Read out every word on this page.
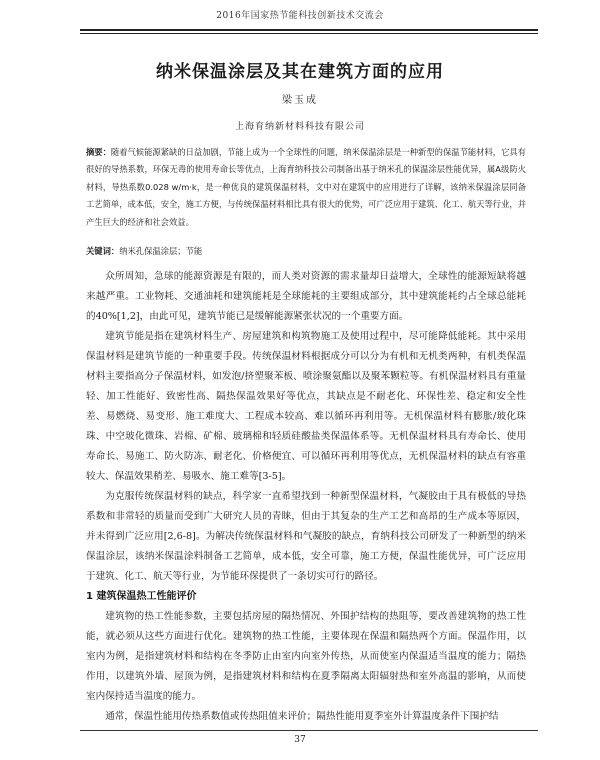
2016年国家热节能科技创新技术交流会
纳米保温涂层及其在建筑方面的应用
梁玉成
上海育纳新材料科技有限公司
摘要：随着气候能源紧缺的日益加剧，节能上成为一个全球性的问题，纳米保温涂层是一种新型的保温节能材料，它具有很好的导热系数，环保无毒的使用寿命长等优点，上海育纳科技公司制备出基于纳米孔的保温涂层性能优异，属A级防火材料，导热系数0.028 w/m·k，是一种优良的建筑保温材料，文中对在建筑中的应用进行了详解，该纳米保温涂层同备工艺简单，成本低，安全，施工方便，与传统保温材料相比具有很大的优势，可广泛应用于建筑、化工、航天等行业，并产生巨大的经济和社会效益。
关键词：纳米孔保温涂层；节能

众所周知，急球的能源资源是有限的，而人类对资源的需求量却日益增大，全球性的能源短缺将越来越严重。工业物耗、交通油耗和建筑能耗是全球能耗的主要组成部分，其中建筑能耗约占全球总能耗的40%[1,2]，由此可见，建筑节能已是缓解能源紧张状况的一个重要方面。

建筑节能是指在建筑材料生产、房屋建筑和构筑物施工及使用过程中，尽可能降低能耗。其中采用保温材料是建筑节能的一种重要手段。传统保温材料根据成分可以分为有机和无机类两种，有机类保温材料主要指高分子保温材料，如发泡/挤塑聚苯板、喷涂聚氨酯以及聚苯颗粒等。有机保温材料具有重量轻、加工性能好、致密性高、隔热保温效果好等优点，其缺点是不耐老化、环保性差、稳定和安全性差、易燃烧、易变形、施工难度大、工程成本较高、难以循环再利用等。无机保温材料有膨胀/玻化珠珠、中空玻化微珠、岩棉、矿棉、玻璃棉和轻质硅酸盐类保温体系等。无机保温材料具有寿命长、使用寿命长、易施工、防火防冻、耐老化、价格便宜、可以循环再利用等优点，无机保温材料的缺点有容重较大、保温效果稍差、易吸水、施工难等[3-5]。

为克服传统保温材料的缺点，科学家一直希望找到一种新型保温材料，气凝胶由于具有极低的导热系数和非常轻的质量而受到广大研究人员的青睐，但由于其复杂的生产工艺和高昂的生产成本等原因，并未得到广泛应用[2,6-8]。为解决传统保温材料和气凝胶的缺点，育纳科技公司研发了一种新型的纳米保温涂层，该纳米保温涂料制备工艺简单，成本低，安全可靠，施工方便，保温性能优异，可广泛应用于建筑、化工、航天等行业，为节能环保提供了一条切实可行的路径。

1 建筑保温热工性能评价

建筑物的热工性能参数，主要包括房屋的隔热情况、外围护结构的热阻等，要改善建筑物的热工性能，就必须从这些方面进行优化。建筑物的热工性能，主要体现在保温和隔热两个方面。保温作用，以室内为例，是指建筑材料和结构在冬季防止由室内向室外传热，从而使室内保温适当温度的能力；隔热作用，以建筑外墙、屋顶为例，是指建筑材料和结构在夏季隔离太阳辐射热和室外高温的影响，从而使室内保持适当温度的能力。

通常，保温性能用传热系数值或传热阻值来评价；隔热性能用夏季室外计算温度条件下围护结

37
